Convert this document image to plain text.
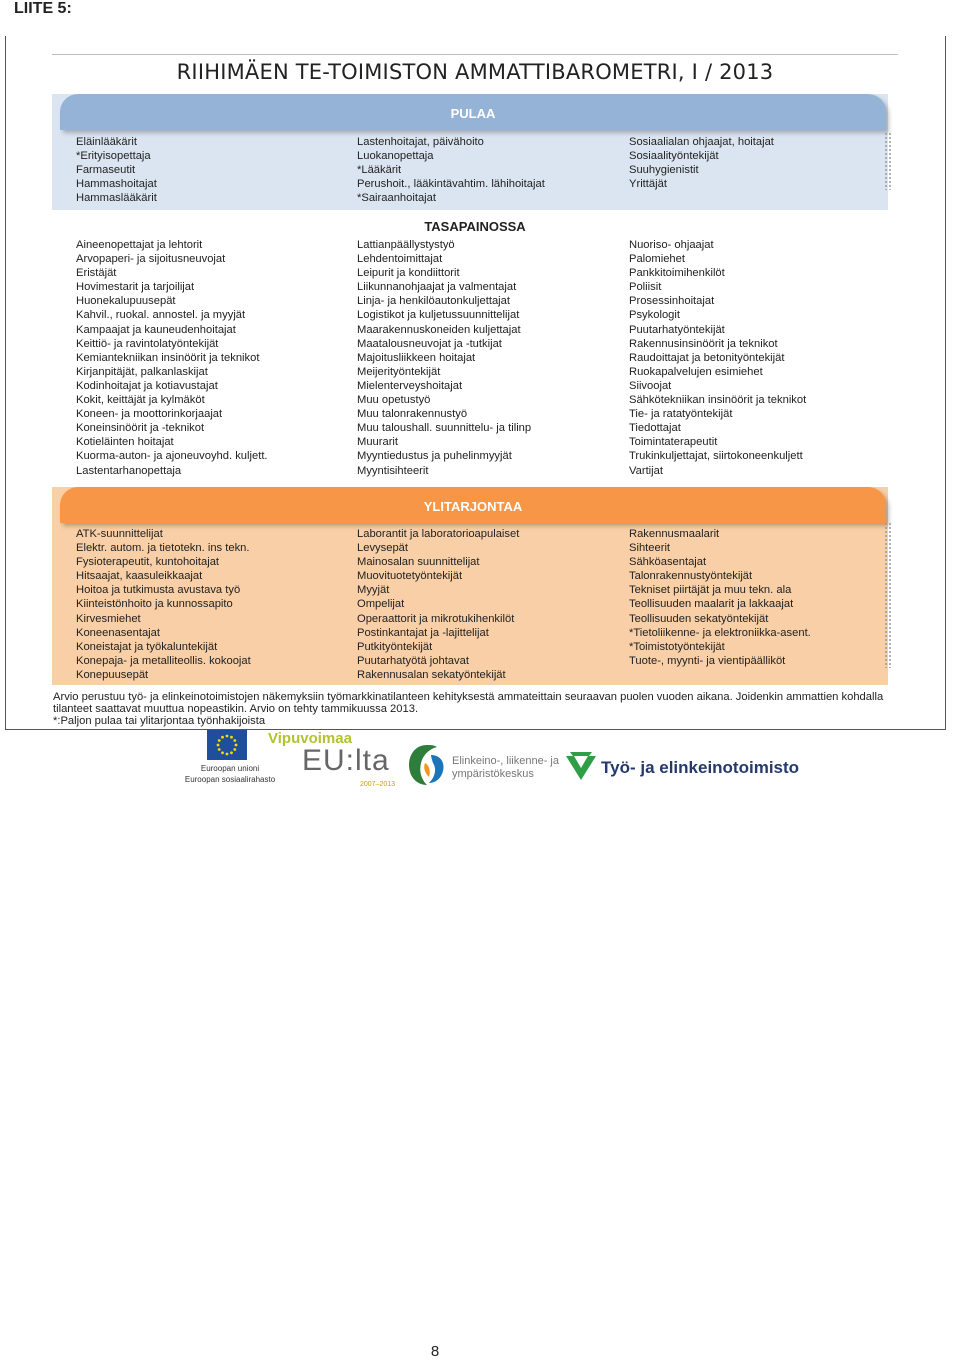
LIITE 5:
RIIHIMÄEN TE-TOIMISTON AMMATTIBAROMETRI, I / 2013
PULAA
Eläinlääkärit
*Erityisopettaja
Farmaseutit
Hammashoitajat
Hammaslääkärit
Lastenhoitajat, päivähoito
Luokanopettaja
*Lääkärit
Perushoit., lääkintävahtim. lähihoitajat
*Sairaanhoitajat
Sosiaalialan ohjaajat, hoitajat
Sosiaalityöntekijät
Suuhygienistit
Yrittäjät
TASAPAINOSSA
Aineenopettajat ja lehtorit
Arvopaperi- ja sijoitusneuvojat
Eristäjät
Hovimestarit ja tarjoilijat
Huonekalupuusepät
Kahvil., ruokal. annostel. ja myyjät
Kampaajat ja kauneudenhoitajat
Keittiö- ja ravintolatyöntekijät
Kemiantekniikan insinöörit ja teknikot
Kirjanpitäjät, palkanlaskijat
Kodinhoitajat ja kotiavustajat
Kokit, keittäjät ja kylmäköt
Koneen- ja moottorinkorjaajat
Koneinsinöörit ja -teknikot
Kotieläinten hoitajat
Kuorma-auton- ja ajoneuvoyhd. kuljett.
Lastentarhanopettaja
Lattianpäällystystyö
Lehdentoimittajat
Leipurit ja kondiittorit
Liikunnanohjaajat ja valmentajat
Linja- ja henkilöautonkuljettajat
Logistikot ja kuljetussuunnittelijat
Maarakennuskoneiden kuljettajat
Maatalousneuvojat ja -tutkijat
Majoitusliikkeen hoitajat
Meijerityöntekijät
Mielenterveyshoitajat
Muu opetustyö
Muu talonrakennustyö
Muu taloushall. suunnittelu- ja tilinp
Muurarit
Myyntiedustus ja puhelinmyyjät
Myyntisihteerit
Nuoriso- ohjaajat
Palomiehet
Pankkitoimihenkilöt
Poliisit
Prosessinhoitajat
Psykologit
Puutarhatyöntekijät
Rakennusinsinöörit ja teknikot
Raudoittajat ja betonityöntekijät
Ruokapalvelujen esimiehet
Siivoojat
Sähkötekniikan insinöörit ja teknikot
Tie- ja ratatyöntekijät
Tiedottajat
Toimintaterapeutit
Trukinkuljettajat, siirtokoneenkuljett
Vartijat
YLITARJONTAA
ATK-suunnittelijat
Elektr. autom. ja tietotekn. ins tekn.
Fysioterapeutit, kuntohoitajat
Hitsaajat, kaasuleikkaajat
Hoitoa ja tutkimusta avustava työ
Kiinteistönhoito ja kunnossapito
Kirvesmiehet
Koneenasentajat
Koneistajat ja työkaluntekijät
Konepaja- ja metalliteollis. kokoojat
Konepuusepät
Laborantit ja laboratorioapulaiset
Levysepät
Mainosalan suunnittelijat
Muovituotetyöntekijät
Myyjät
Ompelijat
Operaattorit ja mikrotukihenkilöt
Postinkantajat ja -lajittelijat
Putkityöntekijät
Puutarhatyötä johtavat
Rakennusalan sekatyöntekijät
Rakennusmaalarit
Sihteerit
Sähköasentajat
Talonrakennustyöntekijät
Tekniset piirtäjät ja muu tekn. ala
Teollisuuden maalarit ja lakkaajat
Teollisuuden sekatyöntekijät
*Tietoliikenne- ja elektroniikka-asent.
*Toimistotyöntekijät
Tuote-, myynti- ja vientipäälliköt
Arvio perustuu työ- ja elinkeinotoimistojen näkemyksiin työmarkkinatilanteen kehityksestä ammateittain seuraavan puolen vuoden aikana. Joidenkin ammattien kohdalla
tilanteet saattavat muuttua nopeastikin. Arvio on tehty tammikuussa 2013.
*:Paljon pulaa tai ylitarjontaa työnhakijoista
Euroopan unioni
Euroopan sosiaalirahasto
Vipuvoimaa
EU:lta
2007–2013
Elinkeino-, liikenne- ja
ympäristökeskus	Työ- ja elinkeinotoimisto
8
